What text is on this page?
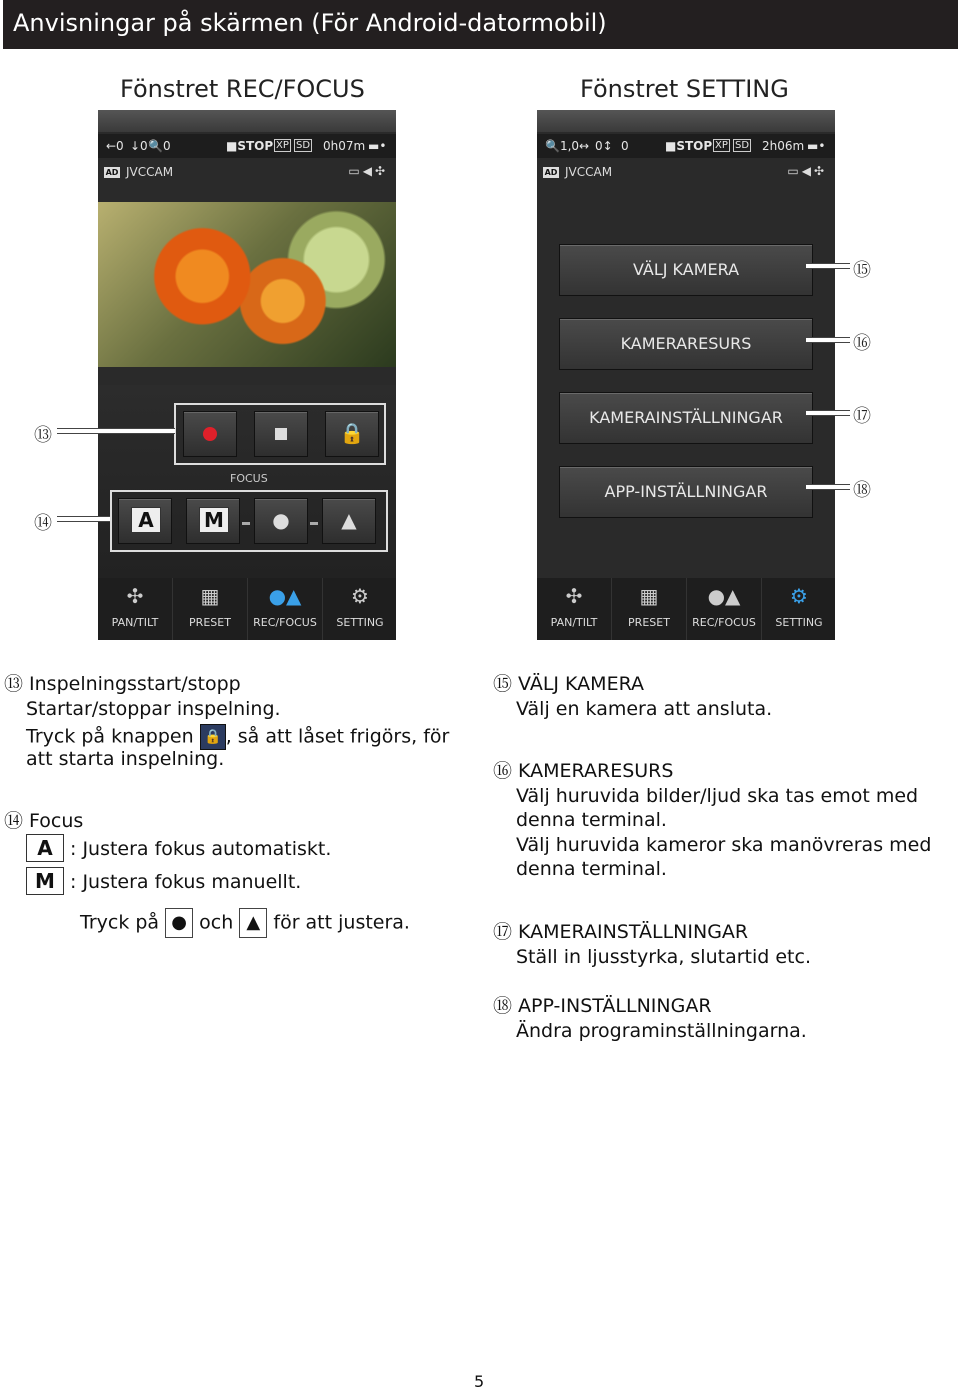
Anvisningar på skärmen (För Android-datormobil)
Fönstret REC/FOCUS	Fönstret SETTING
←0 ↓0 🔍0	■STOP XP SD 0h07m ▬•
AD JVCCAM	▭◀✣
🔒
FOCUS
A	M	●	▲
✣
PAN/TILT
▦
PRESET
●▲
REC/FOCUS
⚙
SETTING
🔍1,0↔ 0↕ 0	■STOP XP SD 2h06m ▬•
AD JVCCAM	▭◀✣
VÄLJ KAMERA
KAMERARESURS
KAMERAINSTÄLLNINGAR
APP-INSTÄLLNINGAR
✣
PAN/TILT
▦
PRESET
●▲
REC/FOCUS
⚙
SETTING
⑬
⑭
⑮
⑯
⑰
⑱
⑬ Inspelningsstart/stopp
Startar/stoppar inspelning.
Tryck på knappen 🔒 , så att låset frigörs, för
att starta inspelning.
⑭ Focus
A : Justera fokus automatiskt.
M : Justera fokus manuellt.
Tryck på ● och ▲ för att justera.
⑮ VÄLJ KAMERA
Välj en kamera att ansluta.
⑯ KAMERARESURS
Välj huruvida bilder/ljud ska tas emot med
denna terminal.
Välj huruvida kameror ska manövreras med
denna terminal.
⑰ KAMERAINSTÄLLNINGAR
Ställ in ljusstyrka, slutartid etc.
⑱ APP-INSTÄLLNINGAR
Ändra programinställningarna.
5
